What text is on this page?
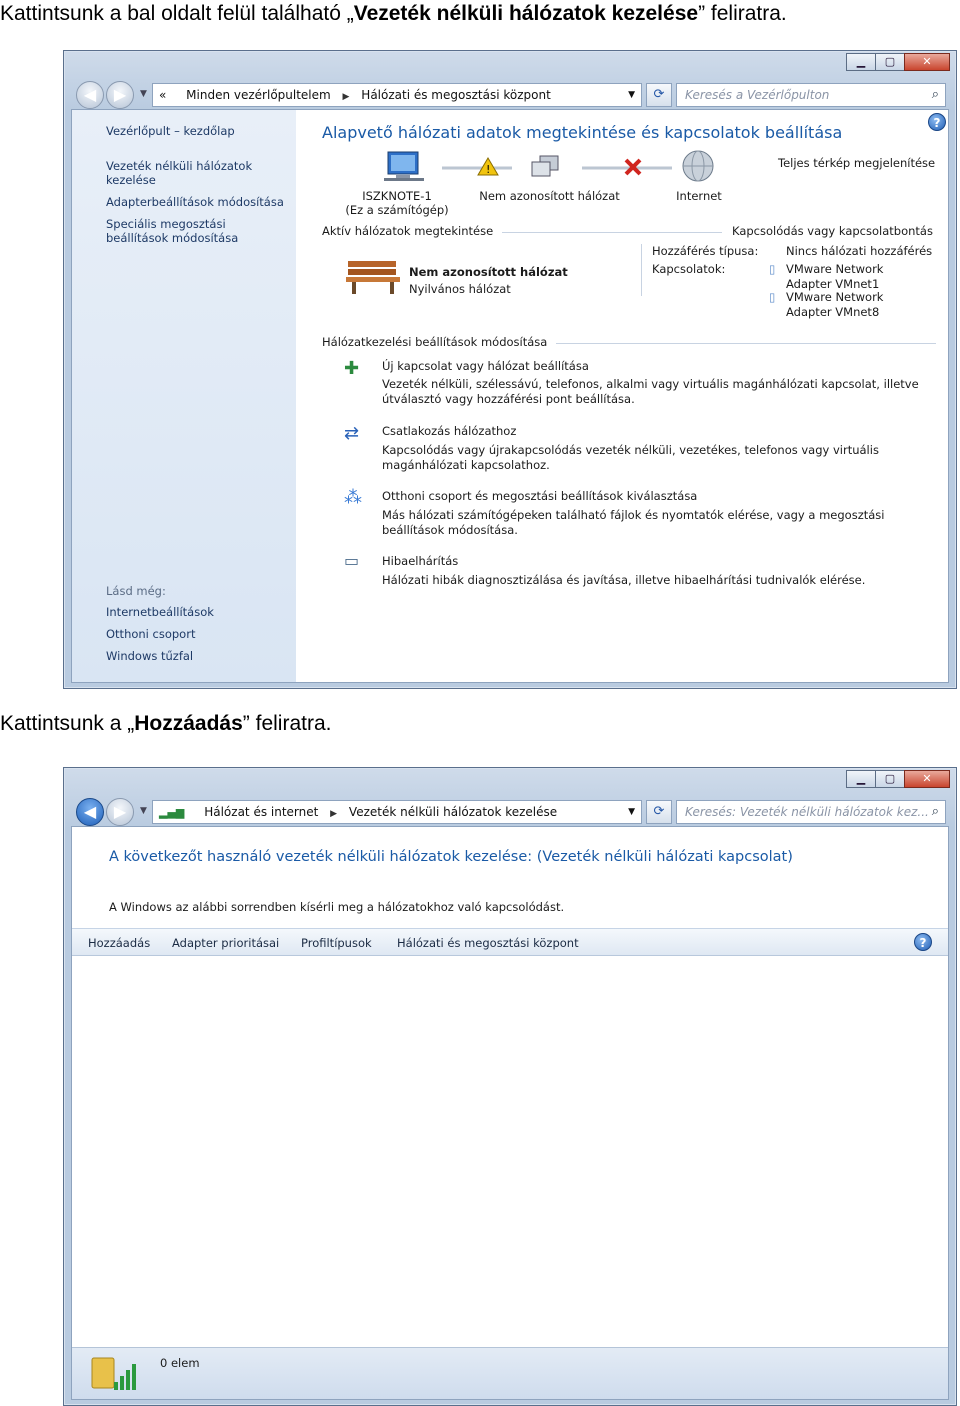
Kattintsunk a bal oldalt felül található „Vezeték nélküli hálózatok kezelése” feliratra.
▁	▢	✕
◀	▶	▼	« Minden vezérlőpultelem ▶ Hálózati és megosztási központ	▼	⟳	Keresés a Vezérlőpulton	⌕
Vezérlőpult – kezdőlap
Vezeték nélküli hálózatok kezelése
Adapterbeállítások módosítása
Speciális megosztási beállítások módosítása
Lásd még:
Internetbeállítások
Otthoni csoport
Windows tűzfal
?
Alapvető hálózati adatok megtekintése és kapcsolatok beállítása
Teljes térkép megjelenítése
!
ISZKNOTE-1
(Ez a számítógép)
Nem azonosított hálózat	Internet
Aktív hálózatok megtekintése	Kapcsolódás vagy kapcsolatbontás
Nem azonosított hálózat
Nyilvános hálózat
Hozzáférés típusa: Nincs hálózati hozzáférés
Kapcsolatok:	▯ VMware Network
Adapter VMnet1
▯ VMware Network
Adapter VMnet8
Hálózatkezelési beállítások módosítása
✚ Új kapcsolat vagy hálózat beállítása
Vezeték nélküli, szélessávú, telefonos, alkalmi vagy virtuális magánhálózati kapcsolat, illetve
útválasztó vagy hozzáférési pont beállítása.
⇄ Csatlakozás hálózathoz
Kapcsolódás vagy újrakapcsolódás vezeték nélküli, vezetékes, telefonos vagy virtuális
magánhálózati kapcsolathoz.
⁂ Otthoni csoport és megosztási beállítások kiválasztása
Más hálózati számítógépeken található fájlok és nyomtatók elérése, vagy a megosztási
beállítások módosítása.
▭ Hibaelhárítás
Hálózati hibák diagnosztizálása és javítása, illetve hibaelhárítási tudnivalók elérése.
Kattintsunk a „Hozzáadás” feliratra.
▁	▢	✕
◀	▶	▼	▂▄▆ Hálózat és internet ▶ Vezeték nélküli hálózatok kezelése	▼	⟳	Keresés: Vezeték nélküli hálózatok kez... ⌕
A következőt használó vezeték nélküli hálózatok kezelése: (Vezeték nélküli hálózati kapcsolat)
A Windows az alábbi sorrendben kísérli meg a hálózatokhoz való kapcsolódást.
Hozzáadás Adapter prioritásai Profiltípusok Hálózati és megosztási központ	?
0 elem
